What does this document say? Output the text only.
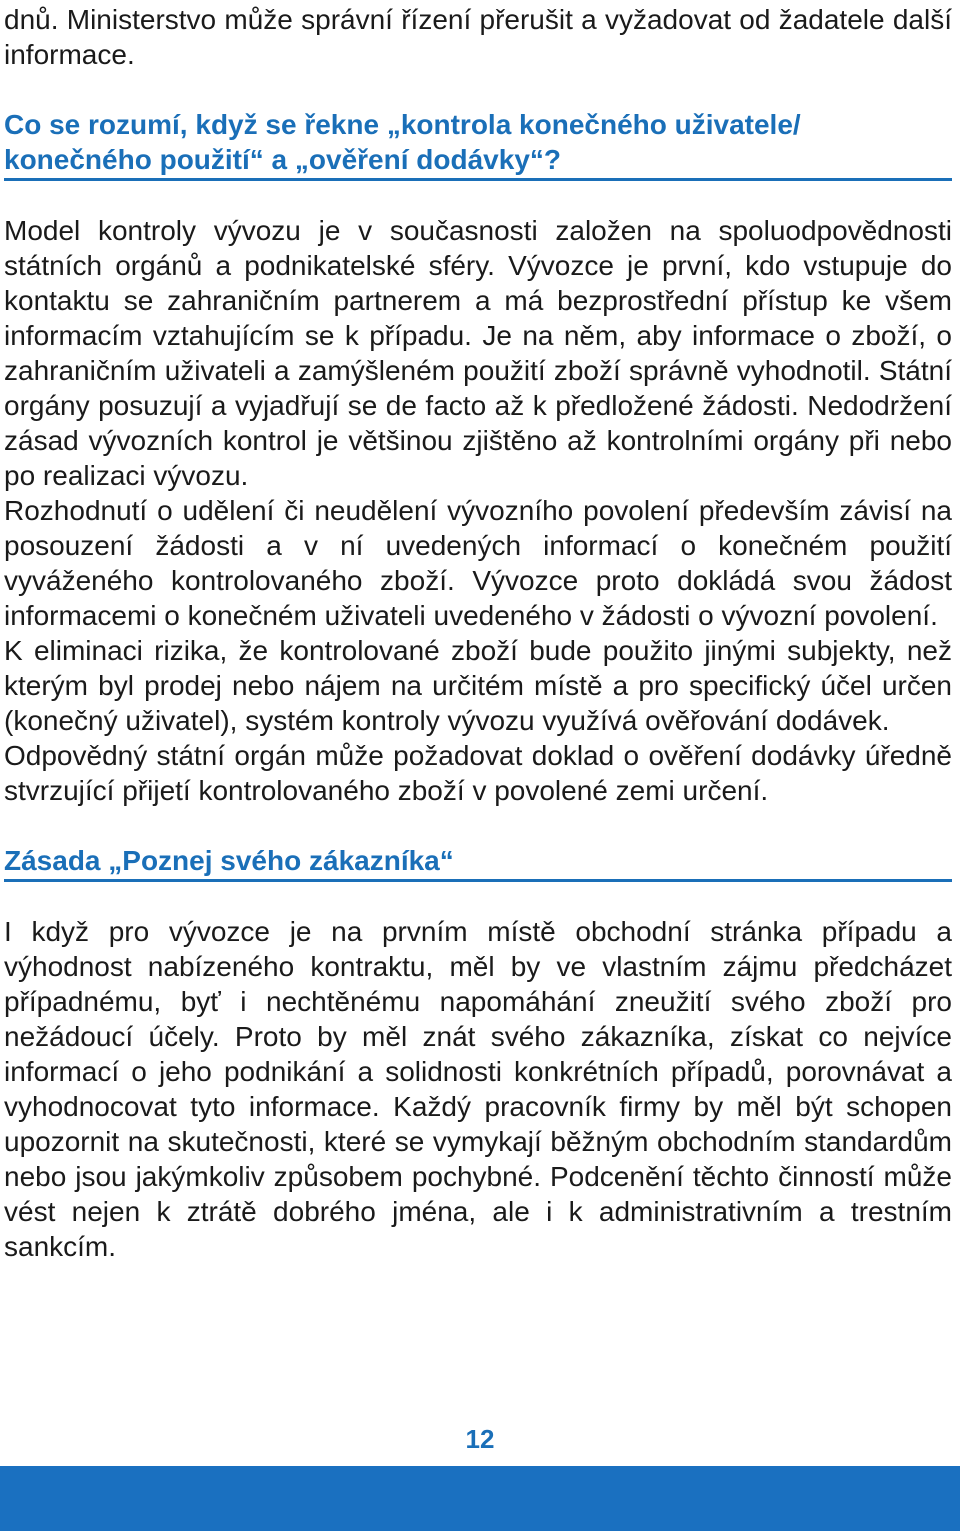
dnů. Ministerstvo může správní řízení přerušit a vyžadovat od žadatele další informace.

Co se rozumí, když se řekne „kontrola konečného uživatele/ konečného použití“ a „ověření dodávky“?

Model kontroly vývozu je v současnosti založen na spoluodpovědnosti státních orgánů a podnikatelské sféry. Vývozce je první, kdo vstupuje do kontaktu se zahraničním partnerem a má bezprostřední přístup ke všem informacím vztahujícím se k případu. Je na něm, aby informace o zboží, o zahraničním uživateli a zamýšleném použití zboží správně vyhodnotil. Státní orgány posuzují a vyjadřují se de facto až k předložené žádosti. Nedodržení zásad vývozních kontrol je většinou zjištěno až kontrolními orgány při nebo po realizaci vývozu.

Rozhodnutí o udělení či neudělení vývozního povolení především závisí na posouzení žádosti a v ní uvedených informací o konečném použití vyváženého kontrolovaného zboží. Vývozce proto dokládá svou žádost informacemi o konečném uživateli uvedeného v žádosti o vývozní povolení.

K eliminaci rizika, že kontrolované zboží bude použito jinými subjekty, než kterým byl prodej nebo nájem na určitém místě a pro specifický účel určen (konečný uživatel), systém kontroly vývozu využívá ověřování dodávek.

Odpovědný státní orgán může požadovat doklad o ověření dodávky úředně stvrzující přijetí kontrolovaného zboží v povolené zemi určení.

Zásada „Poznej svého zákazníka“

I když pro vývozce je na prvním místě obchodní stránka případu a výhodnost nabízeného kontraktu, měl by ve vlastním zájmu předcházet případnému, byť i nechtěnému napomáhání zneužití svého zboží pro nežádoucí účely. Proto by měl znát svého zákazníka, získat co nejvíce informací o jeho podnikání a solidnosti konkrétních případů, porovnávat a vyhodnocovat tyto informace. Každý pracovník firmy by měl být schopen upozornit na skutečnosti, které se vymykají běžným obchodním standardům nebo jsou jakýmkoliv způsobem pochybné. Podcenění těchto činností může vést nejen k ztrátě dobrého jména, ale i k administrativním a trestním sankcím.

12
